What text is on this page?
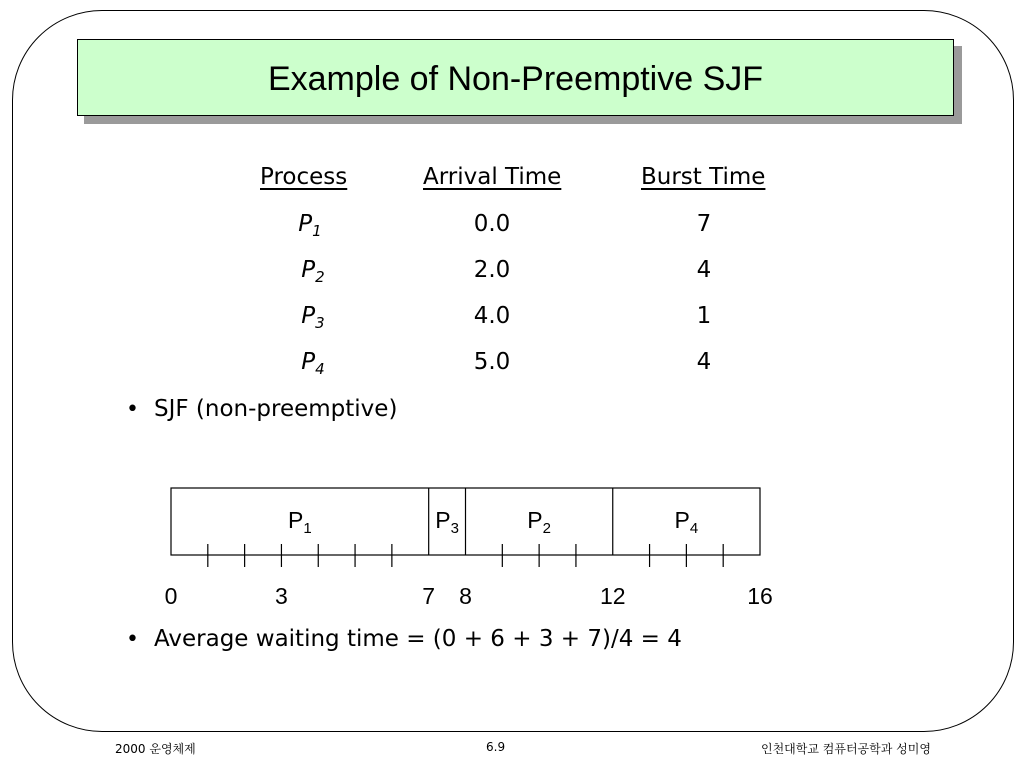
Example of Non-Preemptive SJF
Process	Arrival Time	Burst Time
$P_1$	0.0	7
$P_2$	2.0	4
$P_3$	4.0	1
$P_4$	5.0	4
• SJF (non-preemptive)
• Average waiting time = (0 + 6 + 3 + 7)/4 = 4
$P_1$	$P_3$	$P_2$	$P_4$
0	3	7 8	12	16
2000 운영체제	6.9	인천대학교 컴퓨터공학과 성미영
